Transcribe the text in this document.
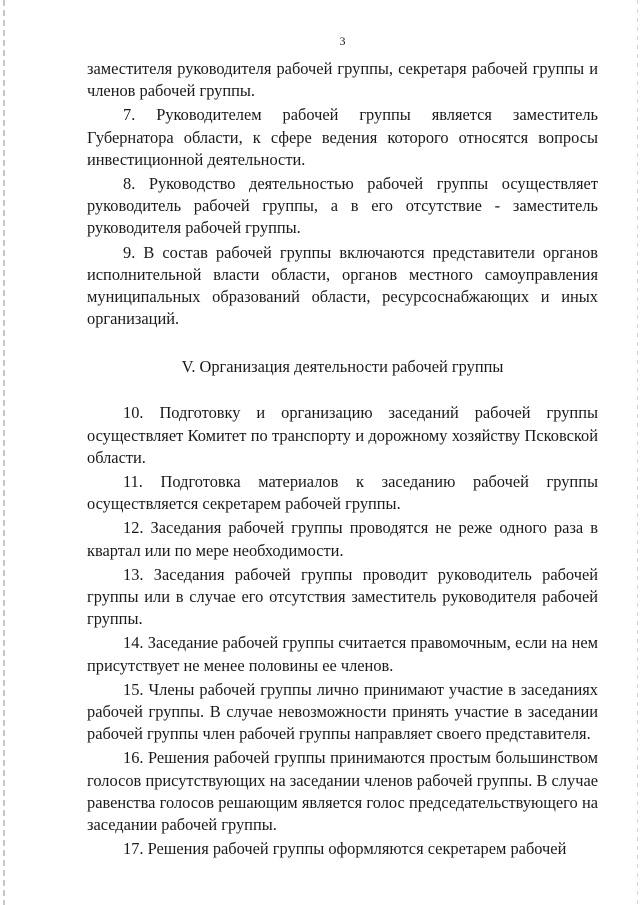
3

заместителя руководителя рабочей группы, секретаря рабочей группы и членов рабочей группы.

7. Руководителем рабочей группы является заместитель Губернатора области, к сфере ведения которого относятся вопросы инвестиционной деятельности.

8. Руководство деятельностью рабочей группы осуществляет руководитель рабочей группы, а в его отсутствие - заместитель руководителя рабочей группы.

9. В состав рабочей группы включаются представители органов исполнительной власти области, органов местного самоуправления муниципальных образований области, ресурсоснабжающих и иных организаций.

V. Организация деятельности рабочей группы

10. Подготовку и организацию заседаний рабочей группы осуществляет Комитет по транспорту и дорожному хозяйству Псковской области.

11. Подготовка материалов к заседанию рабочей группы осуществляется секретарем рабочей группы.

12. Заседания рабочей группы проводятся не реже одного раза в квартал или по мере необходимости.

13. Заседания рабочей группы проводит руководитель рабочей группы или в случае его отсутствия заместитель руководителя рабочей группы.

14. Заседание рабочей группы считается правомочным, если на нем присутствует не менее половины ее членов.

15. Члены рабочей группы лично принимают участие в заседаниях рабочей группы. В случае невозможности принять участие в заседании рабочей группы член рабочей группы направляет своего представителя.

16. Решения рабочей группы принимаются простым большинством голосов присутствующих на заседании членов рабочей группы. В случае равенства голосов решающим является голос председательствующего на заседании рабочей группы.

17. Решения рабочей группы оформляются секретарем рабочей
